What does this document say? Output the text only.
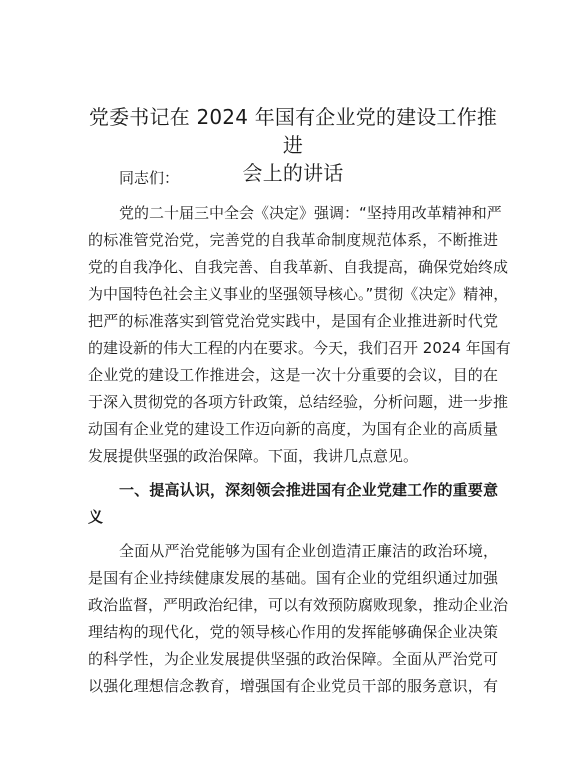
党委书记在 2024 年国有企业党的建设工作推进
会上的讲话

同志们：

党的二十届三中全会《决定》强调：“坚持用改革精神和严

的标准管党治党，完善党的自我革命制度规范体系，不断推进

党的自我净化、自我完善、自我革新、自我提高，确保党始终成

为中国特色社会主义事业的坚强领导核心。”贯彻《决定》精神，

把严的标准落实到管党治党实践中，是国有企业推进新时代党

的建设新的伟大工程的内在要求。今天，我们召开 2024 年国有

企业党的建设工作推进会，这是一次十分重要的会议，目的在

于深入贯彻党的各项方针政策，总结经验，分析问题，进一步推

动国有企业党的建设工作迈向新的高度，为国有企业的高质量

发展提供坚强的政治保障。下面，我讲几点意见。

一、提高认识，深刻领会推进国有企业党建工作的重要意

义

全面从严治党能够为国有企业创造清正廉洁的政治环境，

是国有企业持续健康发展的基础。国有企业的党组织通过加强

政治监督，严明政治纪律，可以有效预防腐败现象，推动企业治

理结构的现代化，党的领导核心作用的发挥能够确保企业决策

的科学性，为企业发展提供坚强的政治保障。全面从严治党可

以强化理想信念教育，增强国有企业党员干部的服务意识，有
